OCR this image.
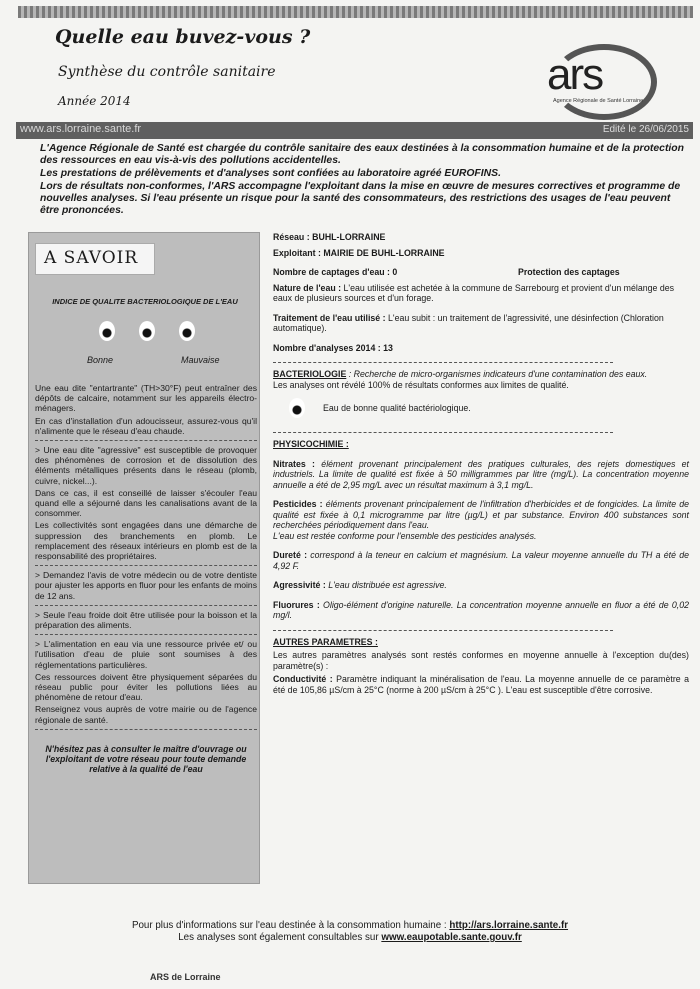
Quelle eau buvez-vous ?
Synthèse du contrôle sanitaire
Année 2014
ars
Agence Régionale de Santé Lorraine
www.ars.lorraine.sante.fr	Edité le 26/06/2015

L'Agence Régionale de Santé est chargée du contrôle sanitaire des eaux destinées à la consommation humaine et de la protection des ressources en eau vis-à-vis des pollutions accidentelles.

Les prestations de prélèvements et d'analyses sont confiées au laboratoire agréé EUROFINS.

Lors de résultats non-conformes, l'ARS accompagne l'exploitant dans la mise en œuvre de mesures correctives et programme de nouvelles analyses. Si l'eau présente un risque pour la santé des consommateurs, des restrictions des usages de l'eau peuvent être prononcées.

A SAVOIR
INDICE DE QUALITE BACTERIOLOGIQUE DE L'EAU
Bonne	Mauvaise

Une eau dite "entartrante" (TH>30°F) peut entraîner des dépôts de calcaire, notamment sur les appareils électro-ménagers.

En cas d'installation d'un adoucisseur, assurez-vous qu'il n'alimente que le réseau d'eau chaude.

> Une eau dite "agressive" est susceptible de provoquer des phénomènes de corrosion et de dissolution des éléments métalliques présents dans le réseau (plomb, cuivre, nickel...).

Dans ce cas, il est conseillé de laisser s'écouler l'eau quand elle a séjourné dans les canalisations avant de la consommer.

Les collectivités sont engagées dans une démarche de suppression des branchements en plomb. Le remplacement des réseaux intérieurs en plomb est de la responsabilité des propriétaires.

> Demandez l'avis de votre médecin ou de votre dentiste pour ajuster les apports en fluor pour les enfants de moins de 12 ans.

> Seule l'eau froide doit être utilisée pour la boisson et la préparation des aliments.

> L'alimentation en eau via une ressource privée et/ ou l'utilisation d'eau de pluie sont soumises à des réglementations particulières.

Ces ressources doivent être physiquement séparées du réseau public pour éviter les pollutions liées au phénomène de retour d'eau.

Renseignez vous auprès de votre mairie ou de l'agence régionale de santé.

N'hésitez pas à consulter le maître d'ouvrage ou l'exploitant de votre réseau pour toute demande relative à la qualité de l'eau

Réseau : BUHL-LORRAINE
Exploitant : MAIRIE DE BUHL-LORRAINE
Nombre de captages d'eau : 0	Protection des captages
Nature de l'eau : L'eau utilisée est achetée à la commune de Sarrebourg et provient d'un mélange des eaux de plusieurs sources et d'un forage.
Traitement de l'eau utilisé : L'eau subit : un traitement de l'agressivité, une désinfection (Chloration automatique).
Nombre d'analyses 2014 : 13
BACTERIOLOGIE : Recherche de micro-organismes indicateurs d'une contamination des eaux.
Les analyses ont révélé 100% de résultats conformes aux limites de qualité.
Eau de bonne qualité bactériologique.
PHYSICOCHIMIE :
Nitrates : élément provenant principalement des pratiques culturales, des rejets domestiques et industriels. La limite de qualité est fixée à 50 milligrammes par litre (mg/L). La concentration moyenne annuelle a été de 2,95 mg/L avec un résultat maximum à 3,1 mg/L.
Pesticides : éléments provenant principalement de l'infiltration d'herbicides et de fongicides. La limite de qualité est fixée à 0,1 microgramme par litre (µg/L) et par substance. Environ 400 substances sont recherchées périodiquement dans l'eau.
L'eau est restée conforme pour l'ensemble des pesticides analysés.
Dureté : correspond à la teneur en calcium et magnésium. La valeur moyenne annuelle du TH a été de 4,92 F.
Agressivité : L'eau distribuée est agressive.
Fluorures : Oligo-élément d'origine naturelle. La concentration moyenne annuelle en fluor a été de 0,02 mg/l.
AUTRES PARAMETRES :
Les autres paramètres analysés sont restés conformes en moyenne annuelle à l'exception du(des) paramètre(s) :
Conductivité : Paramètre indiquant la minéralisation de l'eau. La moyenne annuelle de ce paramètre a été de 105,86 µS/cm à 25°C (norme à 200 µS/cm à 25°C ). L'eau est susceptible d'être corrosive.
Pour plus d'informations sur l'eau destinée à la consommation humaine : http://ars.lorraine.sante.fr
Les analyses sont également consultables sur www.eaupotable.sante.gouv.fr
ARS de Lorraine
